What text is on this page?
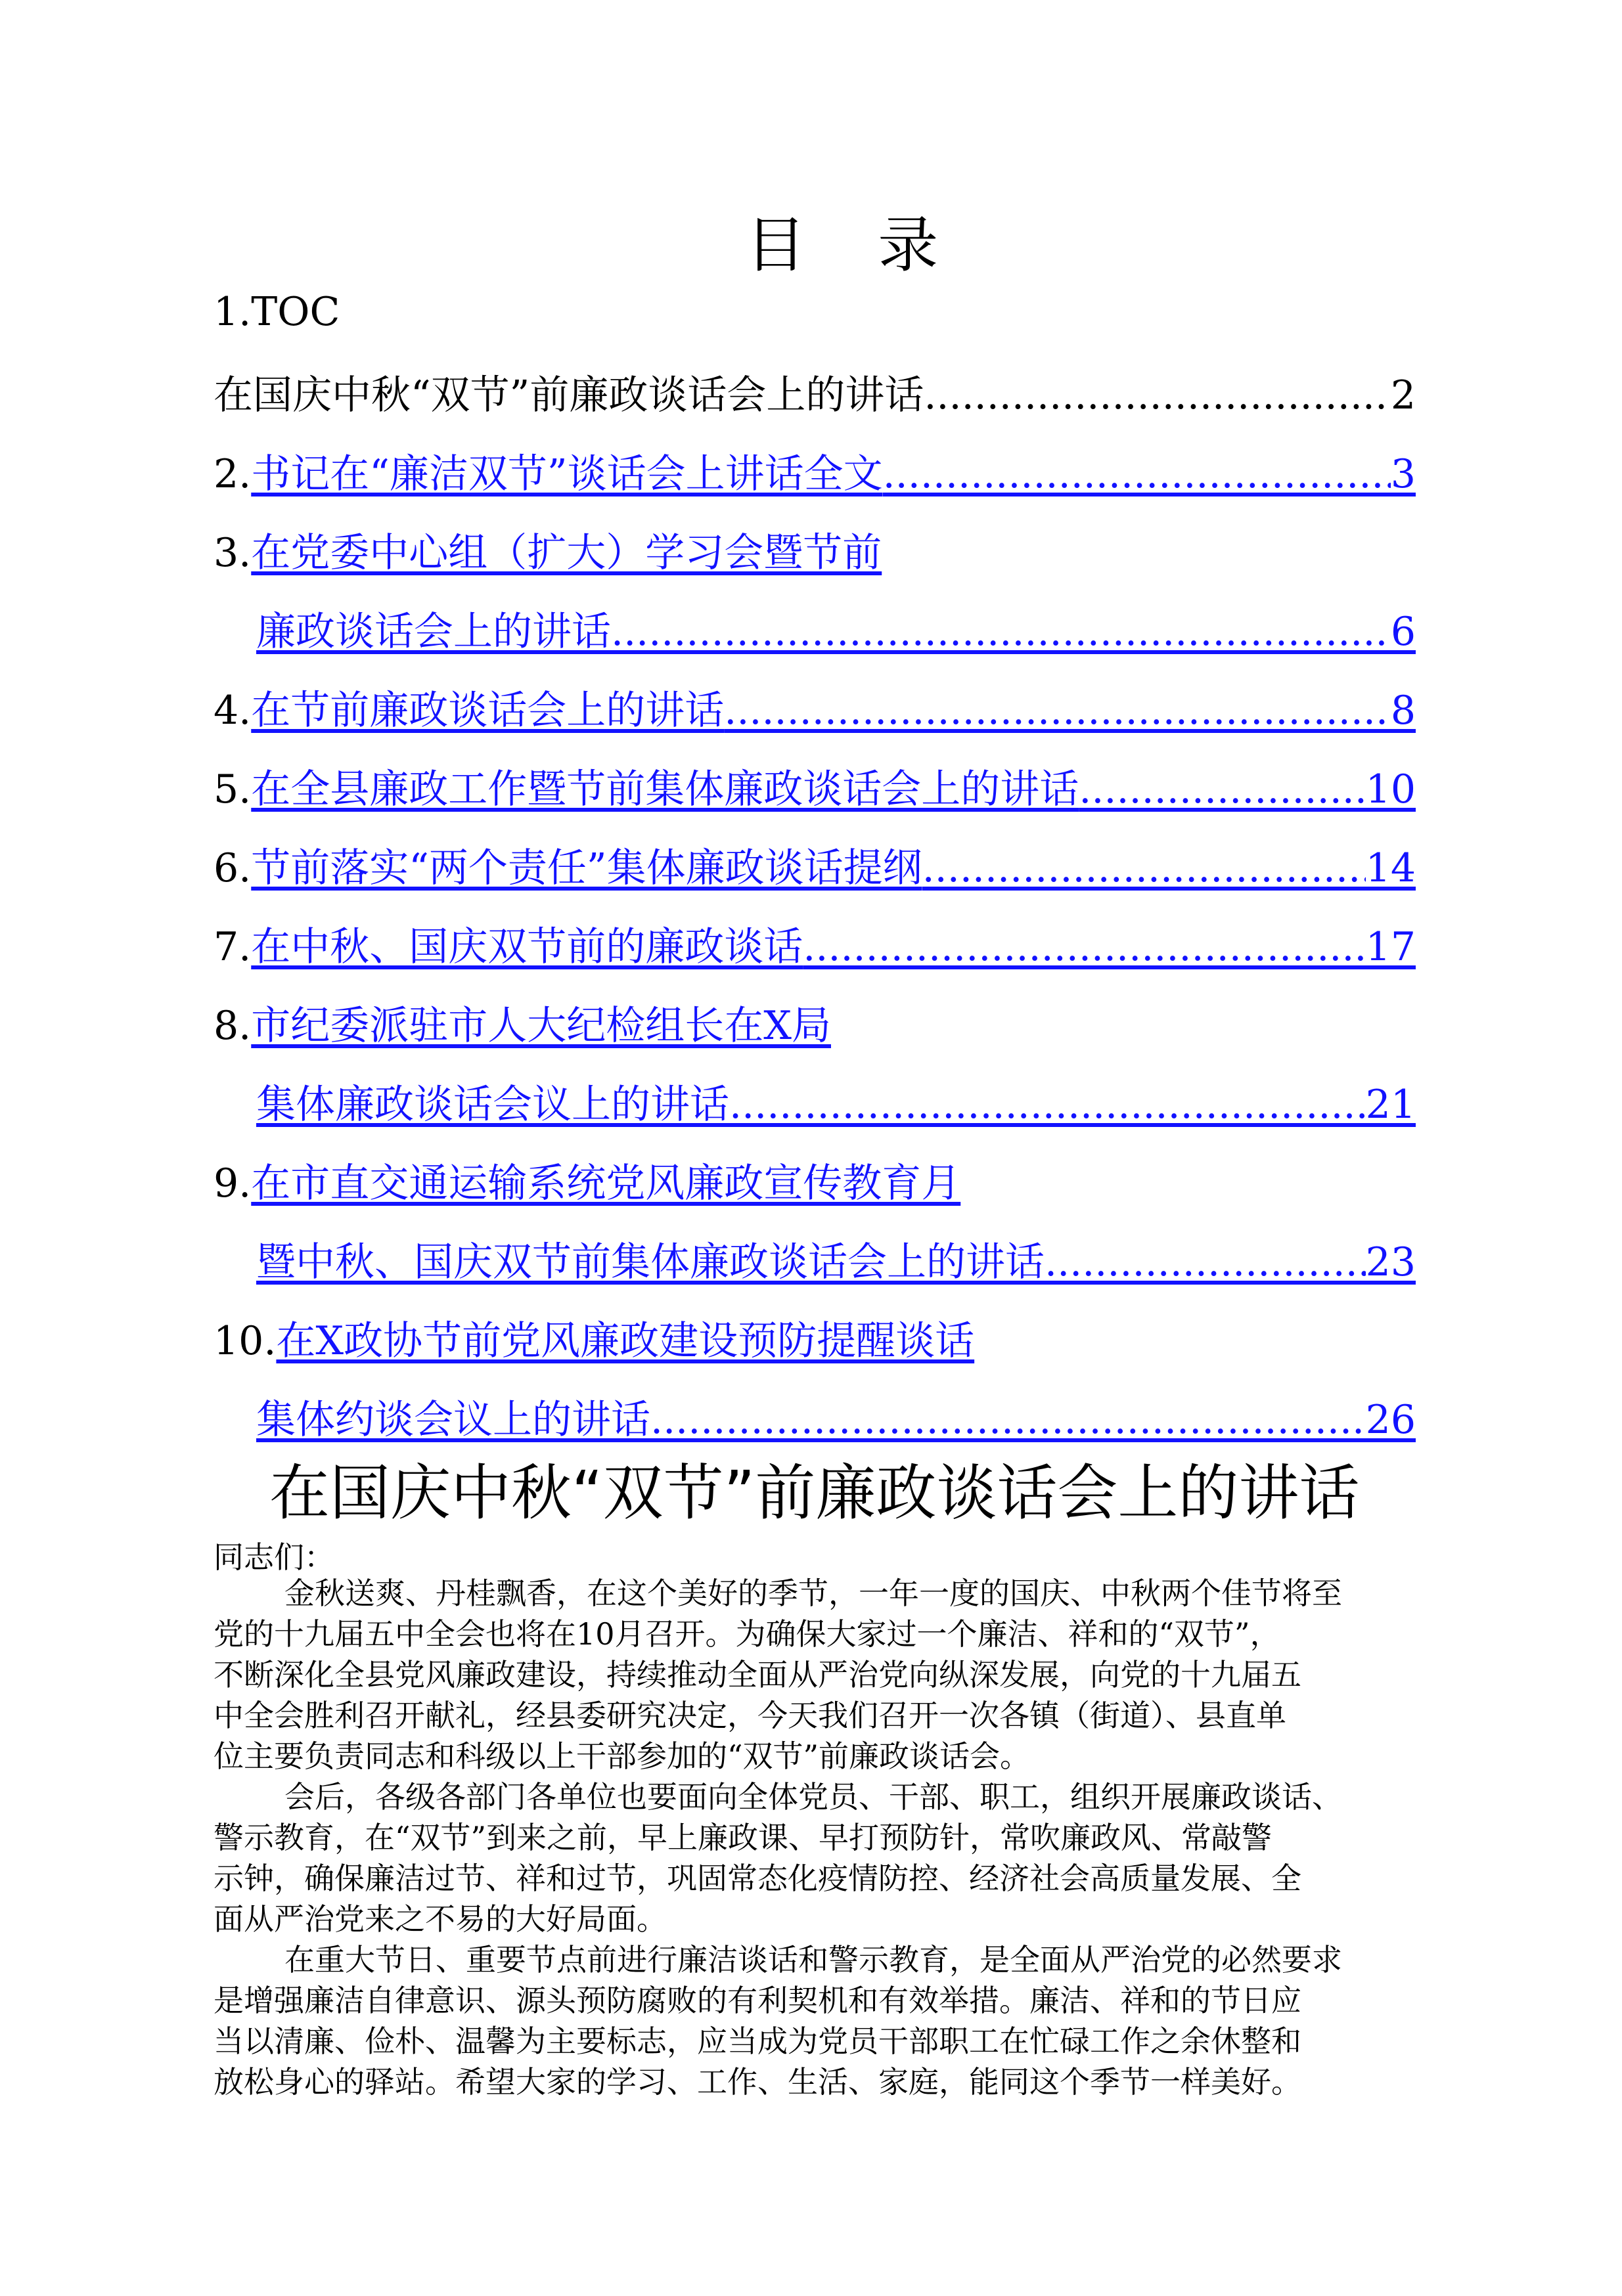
目 录
1.TOC
在国庆中秋“双节”前廉政谈话会上的讲话 .....	2
2. 书记在“廉洁双节”谈话会上讲话全文 .....	3
3. 在党委中心组（扩大）学习会暨节前
廉政谈话会上的讲话 .....	6
4. 在节前廉政谈话会上的讲话 .....	8
5. 在全县廉政工作暨节前集体廉政谈话会上的讲话 .....	10
6. 节前落实“两个责任”集体廉政谈话提纲 .....	14
7. 在中秋、国庆双节前的廉政谈话 .....	17
8. 市纪委派驻市人大纪检组长在X局
集体廉政谈话会议上的讲话 .....	21
9. 在市直交通运输系统党风廉政宣传教育月
暨中秋、国庆双节前集体廉政谈话会上的讲话 .....	23
10. 在X政协节前党风廉政建设预防提醒谈话
集体约谈会议上的讲话 .....	26
在国庆中秋“双节”前廉政谈话会上的讲话
同志们：
金秋送爽、丹桂飘香，在这个美好的季节，一年一度的国庆、中秋两个佳节将至
党的十九届五中全会也将在10月召开。为确保大家过一个廉洁、祥和的“双节”，
不断深化全县党风廉政建设，持续推动全面从严治党向纵深发展，向党的十九届五
中全会胜利召开献礼，经县委研究决定，今天我们召开一次各镇（街道）、县直单
位主要负责同志和科级以上干部参加的“双节”前廉政谈话会。
会后，各级各部门各单位也要面向全体党员、干部、职工，组织开展廉政谈话、
警示教育，在“双节”到来之前，早上廉政课、早打预防针，常吹廉政风、常敲警
示钟，确保廉洁过节、祥和过节，巩固常态化疫情防控、经济社会高质量发展、全
面从严治党来之不易的大好局面。
在重大节日、重要节点前进行廉洁谈话和警示教育，是全面从严治党的必然要求
是增强廉洁自律意识、源头预防腐败的有利契机和有效举措。廉洁、祥和的节日应
当以清廉、俭朴、温馨为主要标志，应当成为党员干部职工在忙碌工作之余休整和
放松身心的驿站。希望大家的学习、工作、生活、家庭，能同这个季节一样美好。
